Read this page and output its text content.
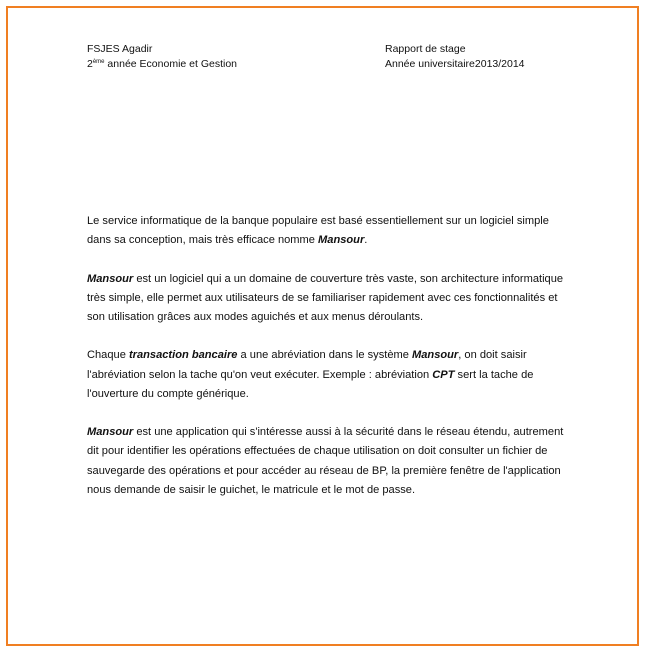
FSJES Agadir
2ème année Economie et Gestion
Rapport de stage
Année universitaire2013/2014

Le service informatique de la banque populaire est basé essentiellement sur un logiciel simple dans sa conception, mais très efficace nomme Mansour.

Mansour est un logiciel qui a un domaine de couverture très vaste, son architecture informatique très simple, elle permet aux utilisateurs de se familiariser rapidement avec ces fonctionnalités et son utilisation grâces aux modes aguichés et aux menus déroulants.

Chaque transaction bancaire a une abréviation dans le système Mansour, on doit saisir l'abréviation selon la tache qu'on veut exécuter. Exemple : abréviation CPT sert la tache de l'ouverture du compte générique.

Mansour est une application qui s'intéresse aussi à la sécurité dans le réseau étendu, autrement dit pour identifier les opérations effectuées de chaque utilisation on doit consulter un fichier de sauvegarde des opérations et pour accéder au réseau de BP, la première fenêtre de l'application nous demande de saisir le guichet, le matricule et le mot de passe.
